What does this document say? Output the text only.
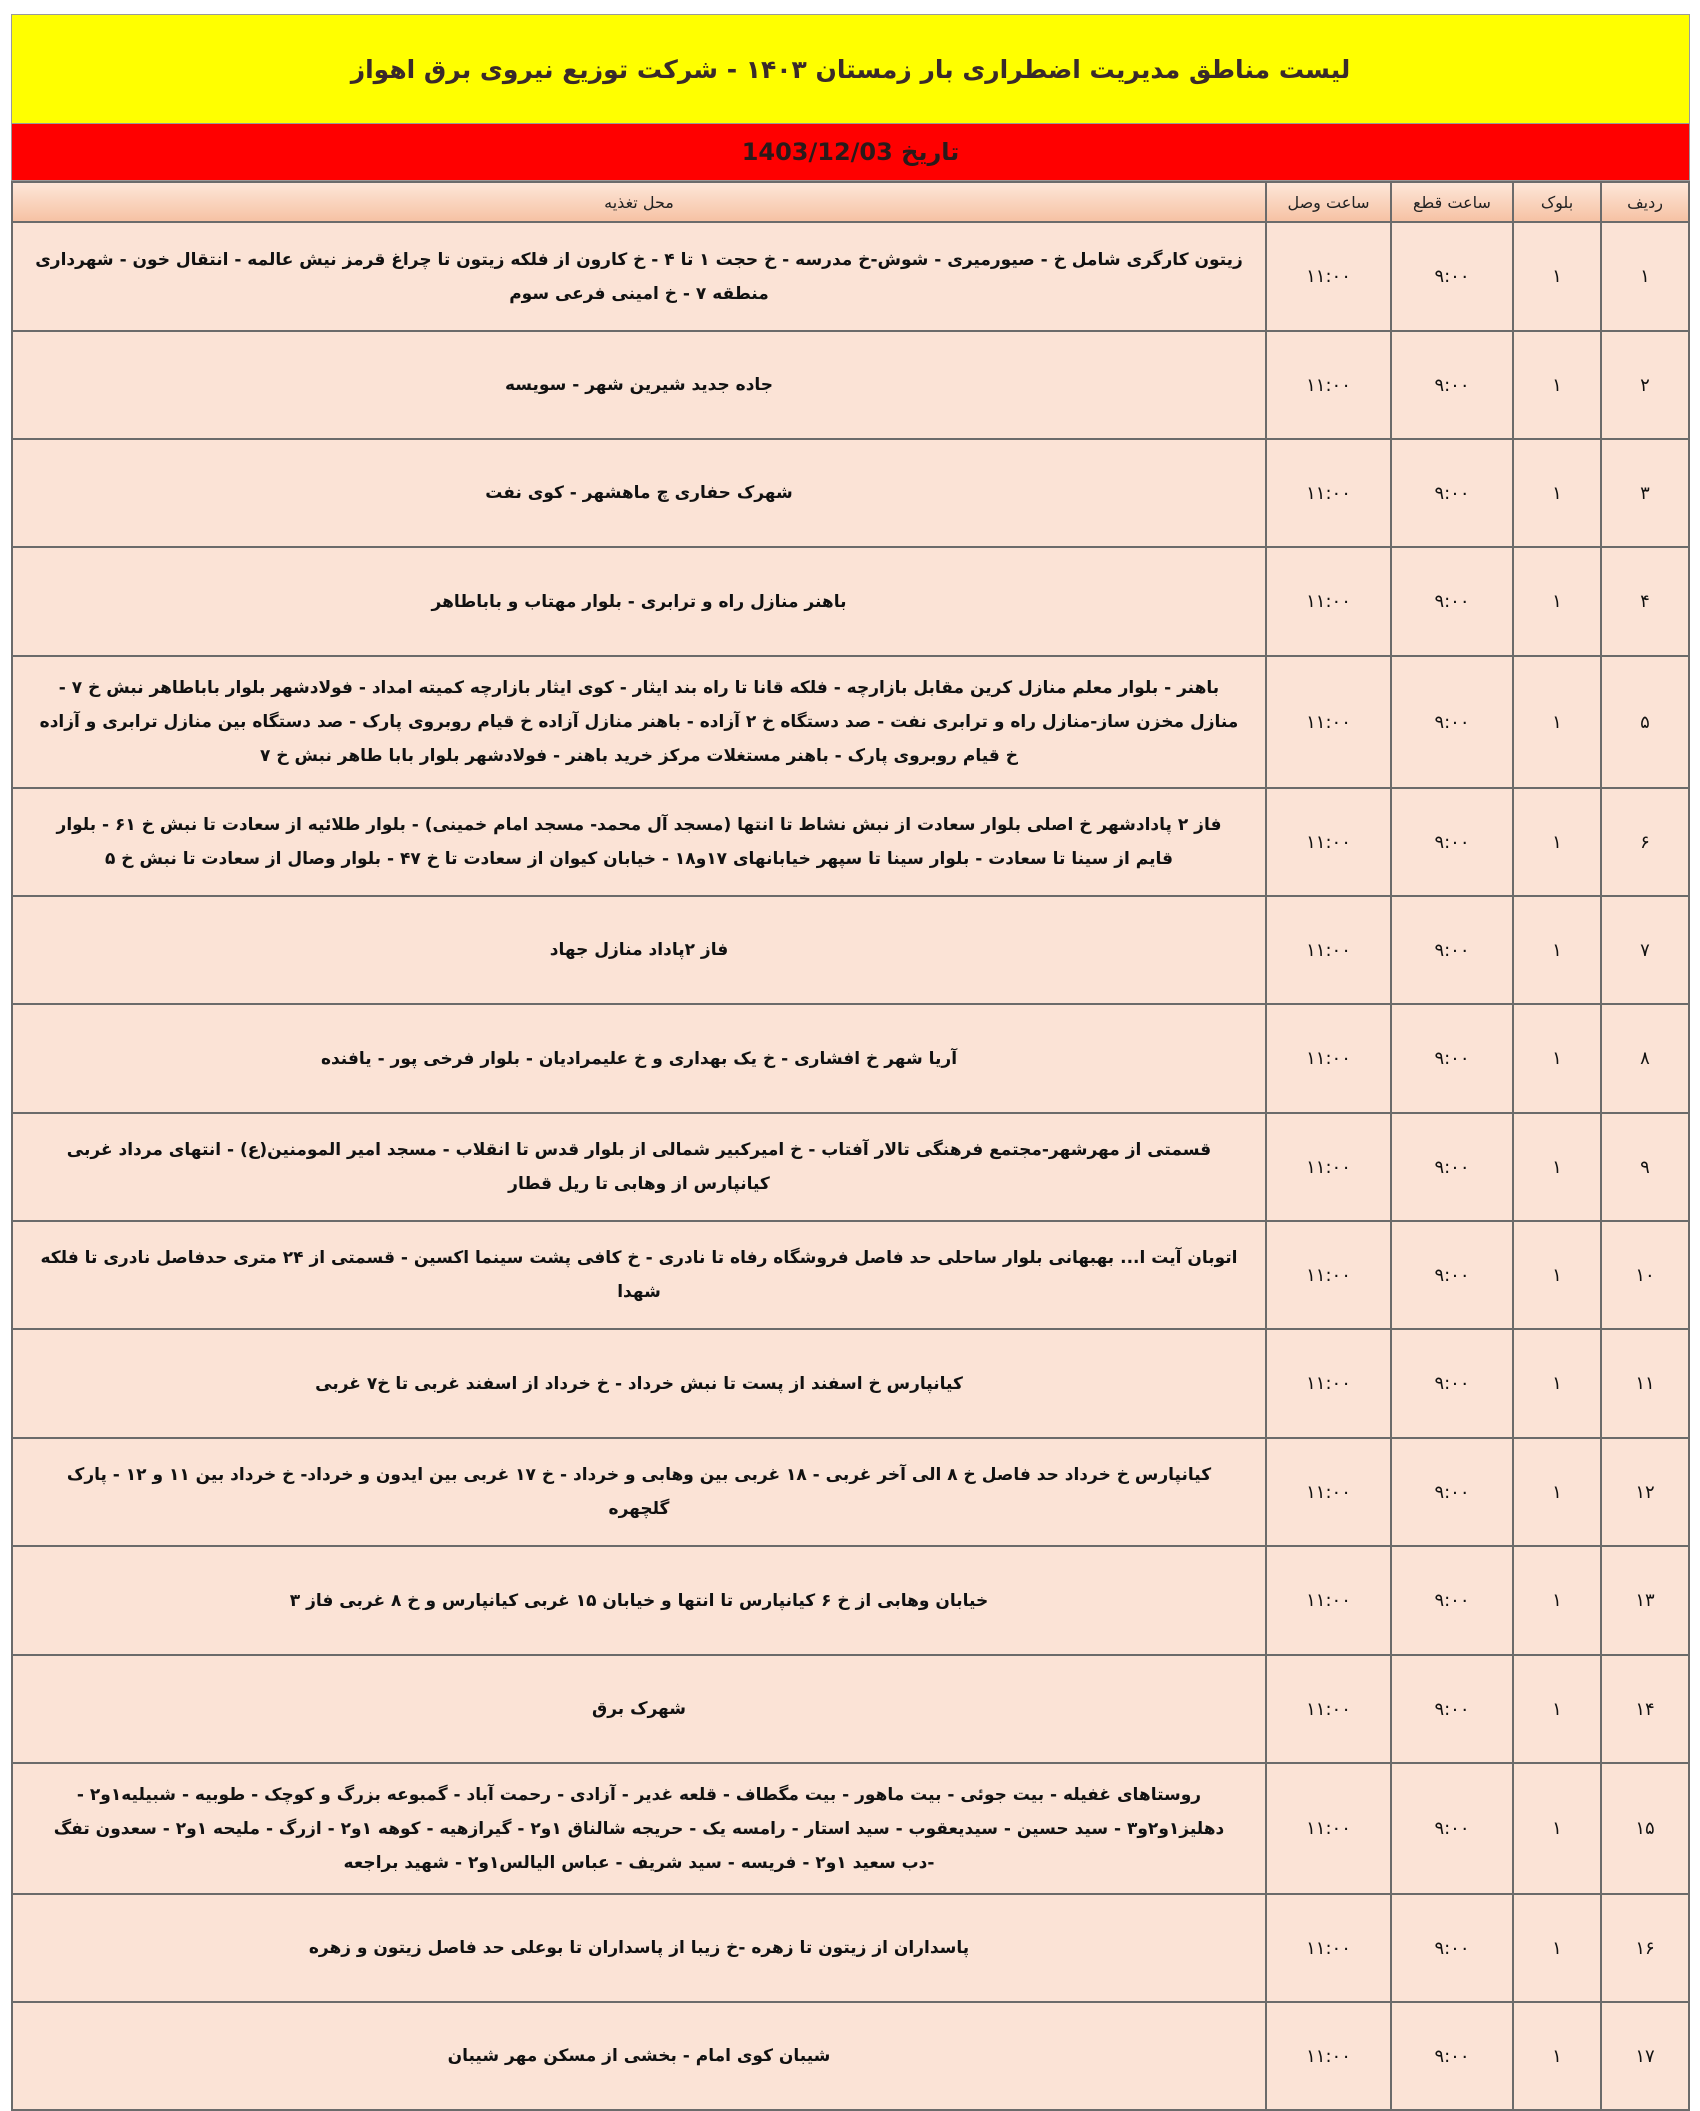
لیست مناطق مدیریت اضطراری بار زمستان ۱۴۰۳ - شرکت توزیع نیروی برق اهواز
تاریخ 1403/12/03
ردیف	بلوک	ساعت قطع	ساعت وصل	محل تغذیه
۱	۱	۹:۰۰	۱۱:۰۰	زیتون کارگری شامل خ - صیورمیری - شوش-خ مدرسه - خ حجت ۱ تا ۴ - خ کارون از فلکه زیتون تا چراغ قرمز نیش عالمه - انتقال خون - شهرداری منطقه ۷ - خ امینی فرعی سوم
۲	۱	۹:۰۰	۱۱:۰۰	جاده جدید شیرین شهر - سویسه
۳	۱	۹:۰۰	۱۱:۰۰	شهرک حفاری چ ماهشهر - کوی نفت
۴	۱	۹:۰۰	۱۱:۰۰	باهنر منازل راه و ترابری - بلوار مهتاب و باباطاهر
۵	۱	۹:۰۰	۱۱:۰۰	باهنر - بلوار معلم منازل کرین مقابل بازارچه - فلکه قانا تا راه بند ایثار - کوی ایثار بازارچه کمیته امداد - فولادشهر بلوار باباطاهر نبش خ ۷ - منازل مخزن ساز-منازل راه و ترابری نفت - صد دستگاه خ ۲ آزاده - باهنر منازل آزاده خ قیام روبروی پارک - صد دستگاه بین منازل ترابری و آزاده خ قیام روبروی پارک - باهنر مستغلات مرکز خرید باهنر - فولادشهر بلوار بابا طاهر نبش خ ۷
۶	۱	۹:۰۰	۱۱:۰۰	فاز ۲ پادادشهر خ اصلی بلوار سعادت از نبش نشاط تا انتها (مسجد آل محمد- مسجد امام خمینی) - بلوار طلائیه از سعادت تا نبش خ ۶۱ - بلوار قایم از سینا تا سعادت - بلوار سینا تا سپهر خیابانهای ۱۷و۱۸ - خیابان کیوان از سعادت تا خ ۴۷ - بلوار وصال از سعادت تا نبش خ ۵
۷	۱	۹:۰۰	۱۱:۰۰	فاز ۲پاداد منازل جهاد
۸	۱	۹:۰۰	۱۱:۰۰	آریا شهر خ افشاری - خ یک بهداری و خ علیمرادیان - بلوار فرخی پور - یافنده
۹	۱	۹:۰۰	۱۱:۰۰	قسمتی از مهرشهر-مجتمع فرهنگی تالار آفتاب - خ امیرکبیر شمالی از بلوار قدس تا انقلاب - مسجد امیر المومنین(ع) - انتهای مرداد غربی کیانپارس از وهابی تا ریل قطار
۱۰	۱	۹:۰۰	۱۱:۰۰	اتوبان آیت ا... بهبهانی بلوار ساحلی حد فاصل فروشگاه رفاه تا نادری - خ کافی پشت سینما اکسین - قسمتی از ۲۴ متری حدفاصل نادری تا فلکه شهدا
۱۱	۱	۹:۰۰	۱۱:۰۰	کیانپارس خ اسفند از پست تا نبش خرداد - خ خرداد از اسفند غربی تا خ۷ غربی
۱۲	۱	۹:۰۰	۱۱:۰۰	کیانپارس خ خرداد حد فاصل خ ۸ الی آخر غربی - ۱۸ غربی بین وهابی و خرداد - خ ۱۷ غربی بین ایدون و خرداد- خ خرداد بین ۱۱ و ۱۲ - پارک گلچهره
۱۳	۱	۹:۰۰	۱۱:۰۰	خیابان وهابی از خ ۶ کیانپارس تا انتها و خیابان ۱۵ غربی کیانپارس و خ ۸ غربی فاز ۳
۱۴	۱	۹:۰۰	۱۱:۰۰	شهرک برق
۱۵	۱	۹:۰۰	۱۱:۰۰	روستاهای غفیله - بیت جوئی - بیت ماهور - بیت مگطاف - قلعه غدیر - آزادی - رحمت آباد - گمبوعه بزرگ و کوچک - طوبیه - شبیلیه۱و۲ - دهلیز۱و۲و۳ - سید حسین - سیدیعقوب - سید استار - رامسه یک - حریجه شالناق ۱و۲ - گیرازهیه - کوهه ۱و۲ - ازرگ - ملیحه ۱و۲ - سعدون تفگ -دب سعید ۱و۲ - فریسه - سید شریف - عباس الیالس۱و۲ - شهید براجعه
۱۶	۱	۹:۰۰	۱۱:۰۰	پاسداران از زیتون تا زهره -خ زیبا از پاسداران تا بوعلی حد فاصل زیتون و زهره
۱۷	۱	۹:۰۰	۱۱:۰۰	شیبان کوی امام - بخشی از مسکن مهر شیبان
